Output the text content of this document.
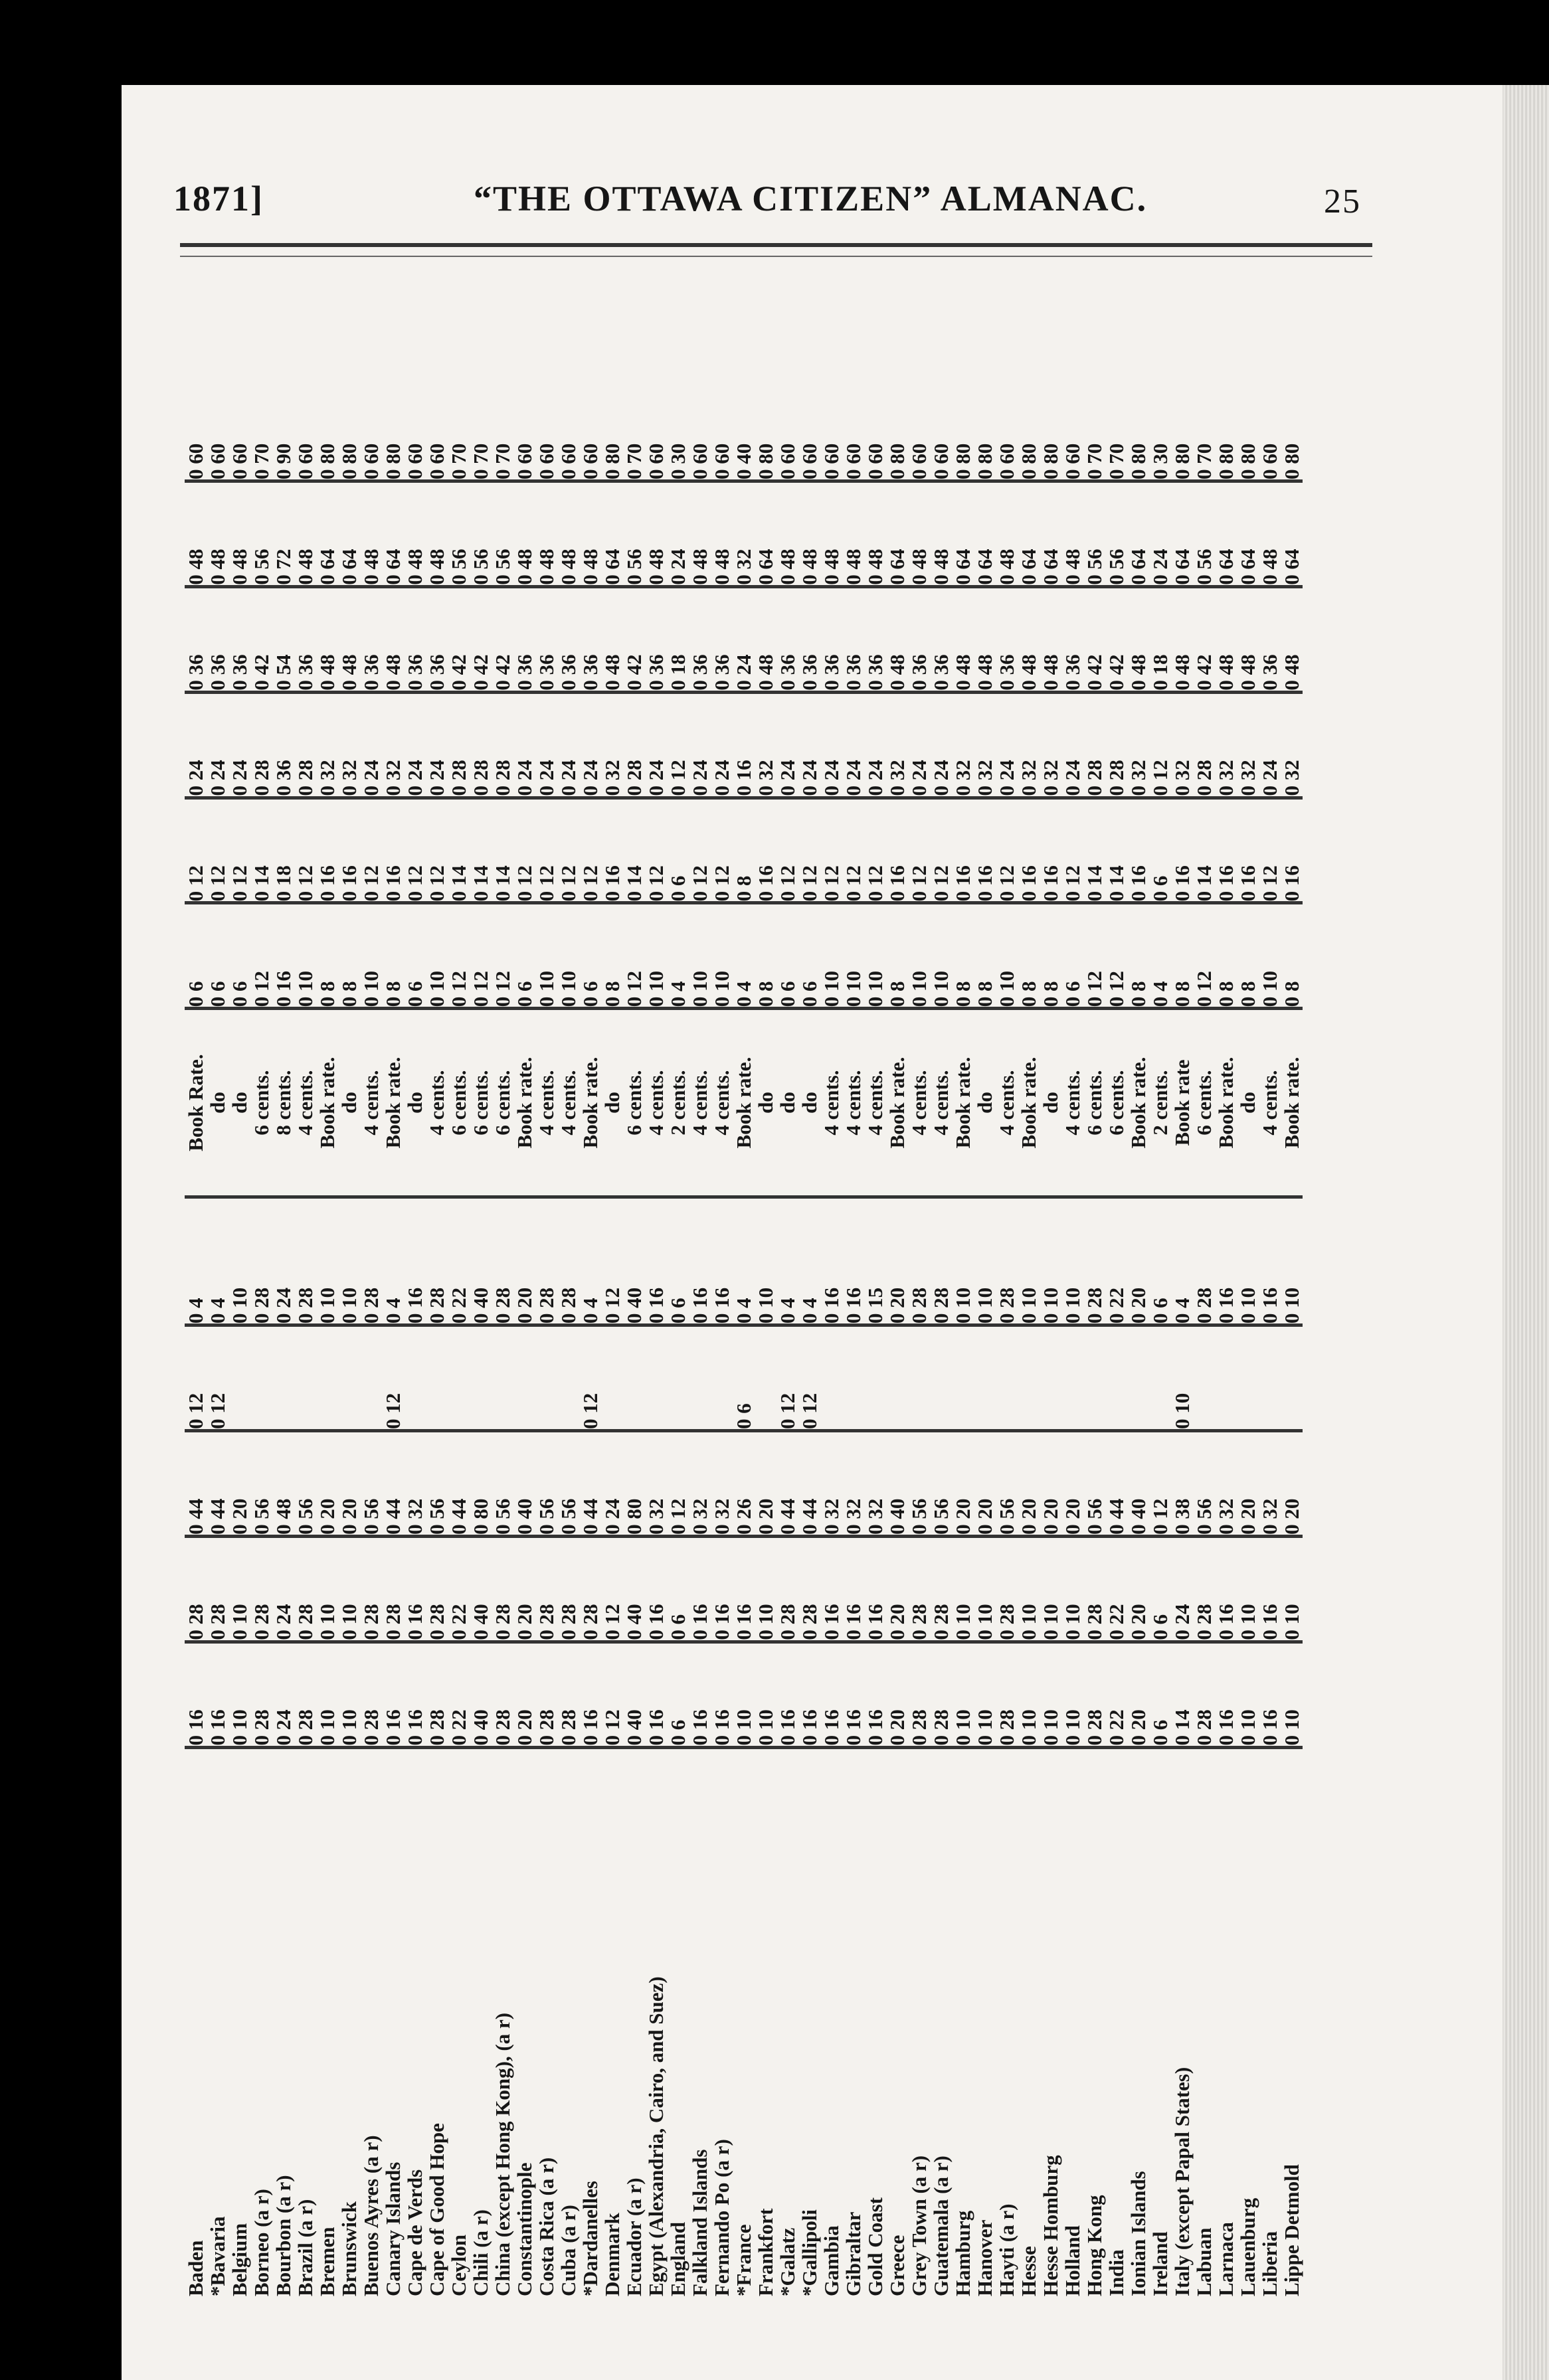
1871]	“THE OTTAWA CITIZEN” ALMANAC.	25
Baden	0 16	0 28	0 44	0 12	0 4	Book Rate.	0 6	0 12	0 24	0 36	0 48	0 60
*Bavaria	0 16	0 28	0 44	0 12	0 4	do	0 6	0 12	0 24	0 36	0 48	0 60
Belgium	0 10	0 10	0 20		0 10	do	0 6	0 12	0 24	0 36	0 48	0 60
Borneo (a r)	0 28	0 28	0 56		0 28	6 cents.	0 12	0 14	0 28	0 42	0 56	0 70
Bourbon (a r)	0 24	0 24	0 48		0 24	8 cents.	0 16	0 18	0 36	0 54	0 72	0 90
Brazil (a r)	0 28	0 28	0 56		0 28	4 cents.	0 10	0 12	0 28	0 36	0 48	0 60
Bremen	0 10	0 10	0 20		0 10	Book rate.	0 8	0 16	0 32	0 48	0 64	0 80
Brunswick	0 10	0 10	0 20		0 10	do	0 8	0 16	0 32	0 48	0 64	0 80
Buenos Ayres (a r)	0 28	0 28	0 56		0 28	4 cents.	0 10	0 12	0 24	0 36	0 48	0 60
Canary Islands	0 16	0 28	0 44	0 12	0 4	Book rate.	0 8	0 16	0 32	0 48	0 64	0 80
Cape de Verds	0 16	0 16	0 32		0 16	do	0 6	0 12	0 24	0 36	0 48	0 60
Cape of Good Hope	0 28	0 28	0 56		0 28	4 cents.	0 10	0 12	0 24	0 36	0 48	0 60
Ceylon	0 22	0 22	0 44		0 22	6 cents.	0 12	0 14	0 28	0 42	0 56	0 70
Chili (a r)	0 40	0 40	0 80		0 40	6 cents.	0 12	0 14	0 28	0 42	0 56	0 70
China (except Hong Kong), (a r)	0 28	0 28	0 56		0 28	6 cents.	0 12	0 14	0 28	0 42	0 56	0 70
Constantinople	0 20	0 20	0 40		0 20	Book rate.	0 6	0 12	0 24	0 36	0 48	0 60
Costa Rica (a r)	0 28	0 28	0 56		0 28	4 cents.	0 10	0 12	0 24	0 36	0 48	0 60
Cuba (a r)	0 28	0 28	0 56		0 28	4 cents.	0 10	0 12	0 24	0 36	0 48	0 60
*Dardanelles	0 16	0 28	0 44	0 12	0 4	Book rate.	0 6	0 12	0 24	0 36	0 48	0 60
Denmark	0 12	0 12	0 24		0 12	do	0 8	0 16	0 32	0 48	0 64	0 80
Ecuador (a r)	0 40	0 40	0 80		0 40	6 cents.	0 12	0 14	0 28	0 42	0 56	0 70
Egypt (Alexandria, Cairo, and Suez)	0 16	0 16	0 32		0 16	4 cents.	0 10	0 12	0 24	0 36	0 48	0 60
England	0 6	0 6	0 12		0 6	2 cents.	0 4	0 6	0 12	0 18	0 24	0 30
Falkland Islands	0 16	0 16	0 32		0 16	4 cents.	0 10	0 12	0 24	0 36	0 48	0 60
Fernando Po (a r)	0 16	0 16	0 32		0 16	4 cents.	0 10	0 12	0 24	0 36	0 48	0 60
*France	0 10	0 16	0 26	0 6	0 4	Book rate.	0 4	0 8	0 16	0 24	0 32	0 40
Frankfort	0 10	0 10	0 20		0 10	do	0 8	0 16	0 32	0 48	0 64	0 80
*Galatz	0 16	0 28	0 44	0 12	0 4	do	0 6	0 12	0 24	0 36	0 48	0 60
*Gallipoli	0 16	0 28	0 44	0 12	0 4	do	0 6	0 12	0 24	0 36	0 48	0 60
Gambia	0 16	0 16	0 32		0 16	4 cents.	0 10	0 12	0 24	0 36	0 48	0 60
Gibraltar	0 16	0 16	0 32		0 16	4 cents.	0 10	0 12	0 24	0 36	0 48	0 60
Gold Coast	0 16	0 16	0 32		0 15	4 cents.	0 10	0 12	0 24	0 36	0 48	0 60
Greece	0 20	0 20	0 40		0 20	Book rate.	0 8	0 16	0 32	0 48	0 64	0 80
Grey Town (a r)	0 28	0 28	0 56		0 28	4 cents.	0 10	0 12	0 24	0 36	0 48	0 60
Guatemala (a r)	0 28	0 28	0 56		0 28	4 cents.	0 10	0 12	0 24	0 36	0 48	0 60
Hamburg	0 10	0 10	0 20		0 10	Book rate.	0 8	0 16	0 32	0 48	0 64	0 80
Hanover	0 10	0 10	0 20		0 10	do	0 8	0 16	0 32	0 48	0 64	0 80
Hayti (a r)	0 28	0 28	0 56		0 28	4 cents.	0 10	0 12	0 24	0 36	0 48	0 60
Hesse	0 10	0 10	0 20		0 10	Book rate.	0 8	0 16	0 32	0 48	0 64	0 80
Hesse Homburg	0 10	0 10	0 20		0 10	do	0 8	0 16	0 32	0 48	0 64	0 80
Holland	0 10	0 10	0 20		0 10	4 cents.	0 6	0 12	0 24	0 36	0 48	0 60
Hong Kong	0 28	0 28	0 56		0 28	6 cents.	0 12	0 14	0 28	0 42	0 56	0 70
India	0 22	0 22	0 44		0 22	6 cents.	0 12	0 14	0 28	0 42	0 56	0 70
Ionian Islands	0 20	0 20	0 40		0 20	Book rate.	0 8	0 16	0 32	0 48	0 64	0 80
Ireland	0 6	0 6	0 12		0 6	2 cents.	0 4	0 6	0 12	0 18	0 24	0 30
Italy (except Papal States)	0 14	0 24	0 38	0 10	0 4	Book rate	0 8	0 16	0 32	0 48	0 64	0 80
Labuan	0 28	0 28	0 56		0 28	6 cents.	0 12	0 14	0 28	0 42	0 56	0 70
Larnaca	0 16	0 16	0 32		0 16	Book rate.	0 8	0 16	0 32	0 48	0 64	0 80
Lauenburg	0 10	0 10	0 20		0 10	do	0 8	0 16	0 32	0 48	0 64	0 80
Liberia	0 16	0 16	0 32		0 16	4 cents.	0 10	0 12	0 24	0 36	0 48	0 60
Lippe Detmold	0 10	0 10	0 20		0 10	Book rate.	0 8	0 16	0 32	0 48	0 64	0 80
4
